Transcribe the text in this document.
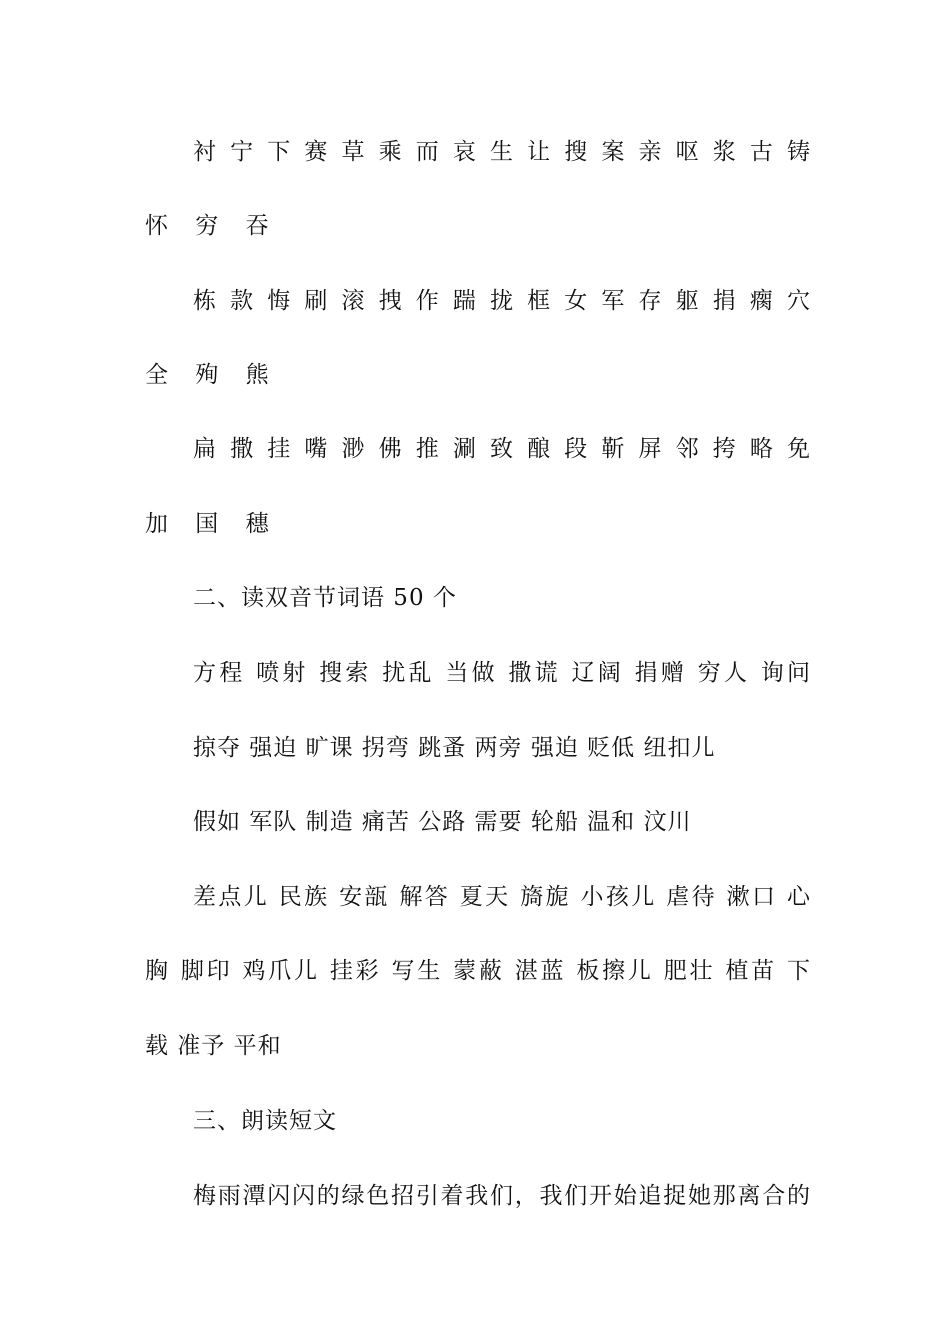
衬 宁 下 赛 草 乘 而 哀 生 让 搜 案 亲 呕 浆 古 铸
怀 穷 吞
栋 款 悔 刷 滚 拽 作 踹 拢 框 女 军 存 躯 捐 瘸 穴
全 殉 熊
扁 撒 挂 嘴 渺 佛 推 涮 致 酿 段 靳 屏 邻 挎 略 免
加 国 穗
二、读双音节词语 50 个
方程 喷射 搜索 扰乱 当做 撒谎 辽阔 捐赠 穷人 询问
掠夺 强迫 旷课 拐弯 跳蚤 两旁 强迫 贬低 纽扣儿
假如 军队 制造 痛苦 公路 需要 轮船 温和 汶川
差点儿 民族 安瓿 解答 夏天 旖旎 小孩儿 虐待 漱口 心
胸 脚印 鸡爪儿 挂彩 写生 蒙蔽 湛蓝 板擦儿 肥壮 植苗 下
载 准予 平和
三、朗读短文
梅雨潭闪闪的绿色招引着我们，我们开始追捉她那离合的
